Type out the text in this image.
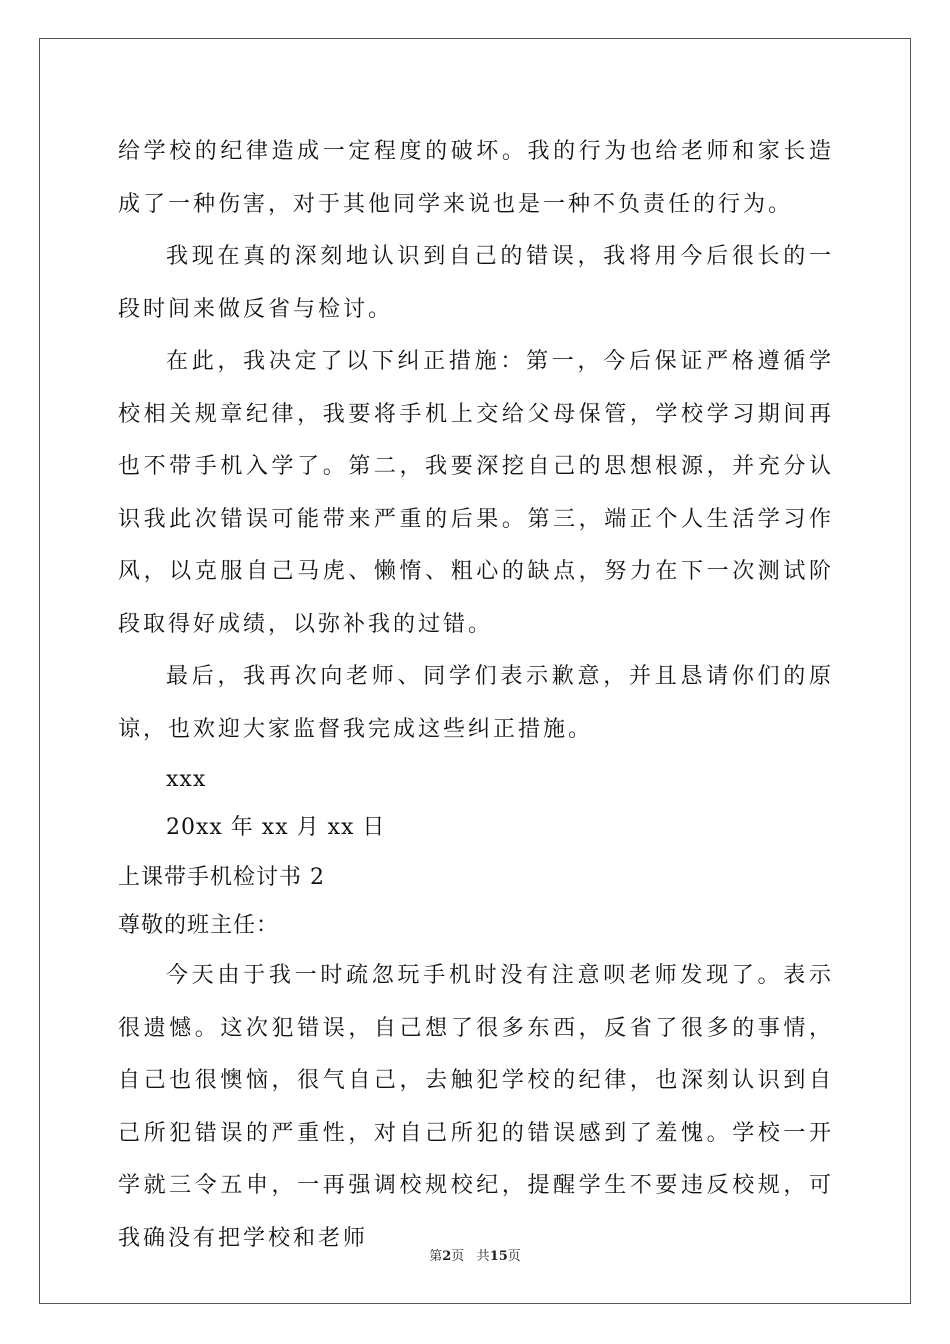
给学校的纪律造成一定程度的破坏。我的行为也给老师和家长造成了一种伤害，对于其他同学来说也是一种不负责任的行为。

我现在真的深刻地认识到自己的错误，我将用今后很长的一段时间来做反省与检讨。

在此，我决定了以下纠正措施：第一，今后保证严格遵循学校相关规章纪律，我要将手机上交给父母保管，学校学习期间再也不带手机入学了。第二，我要深挖自己的思想根源，并充分认识我此次错误可能带来严重的后果。第三，端正个人生活学习作风，以克服自己马虎、懒惰、粗心的缺点，努力在下一次测试阶段取得好成绩，以弥补我的过错。

最后，我再次向老师、同学们表示歉意，并且恳请你们的原谅，也欢迎大家监督我完成这些纠正措施。

xxx

20xx 年 xx 月 xx 日

上课带手机检讨书 2

尊敬的班主任：

今天由于我一时疏忽玩手机时没有注意呗老师发现了。表示很遗憾。这次犯错误，自己想了很多东西，反省了很多的事情，自己也很懊恼，很气自己，去触犯学校的纪律，也深刻认识到自己所犯错误的严重性，对自己所犯的错误感到了羞愧。学校一开学就三令五申，一再强调校规校纪，提醒学生不要违反校规，可我确没有把学校和老师

第2页 共15页
